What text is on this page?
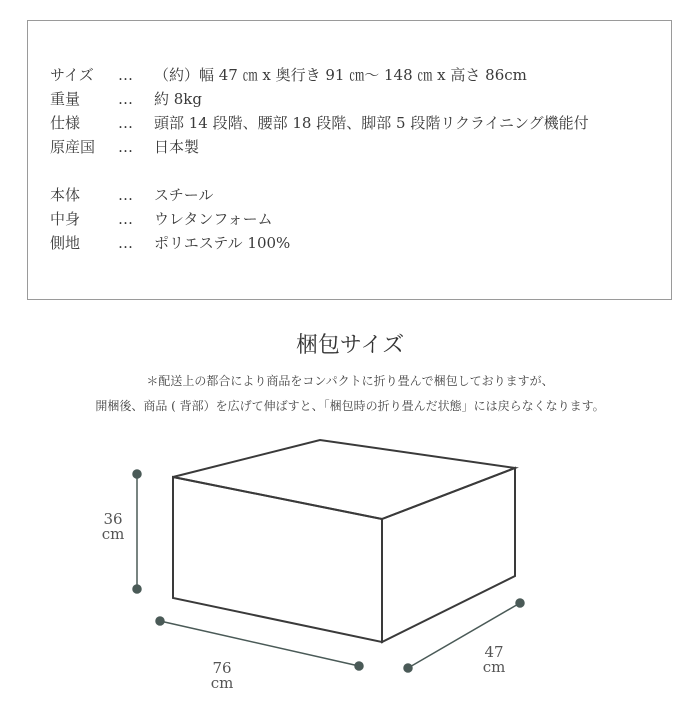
サイズ … （約）幅 47 ㎝ x 奥行き 91 ㎝〜 148 ㎝ x 高さ 86cm
重量	… 約 8kg
仕様	… 頭部 14 段階、腰部 18 段階、脚部 5 段階リクライニング機能付
原産国 … 日本製
本体	… スチール
中身	… ウレタンフォーム
側地	… ポリエステル 100%
梱包サイズ
＊配送上の都合により商品をコンパクトに折り畳んで梱包しておりますが、
開梱後、商品 ( 背部）を広げて伸ばすと、「梱包時の折り畳んだ状態」には戻らなくなります。
36
cm
76
cm
47
cm
